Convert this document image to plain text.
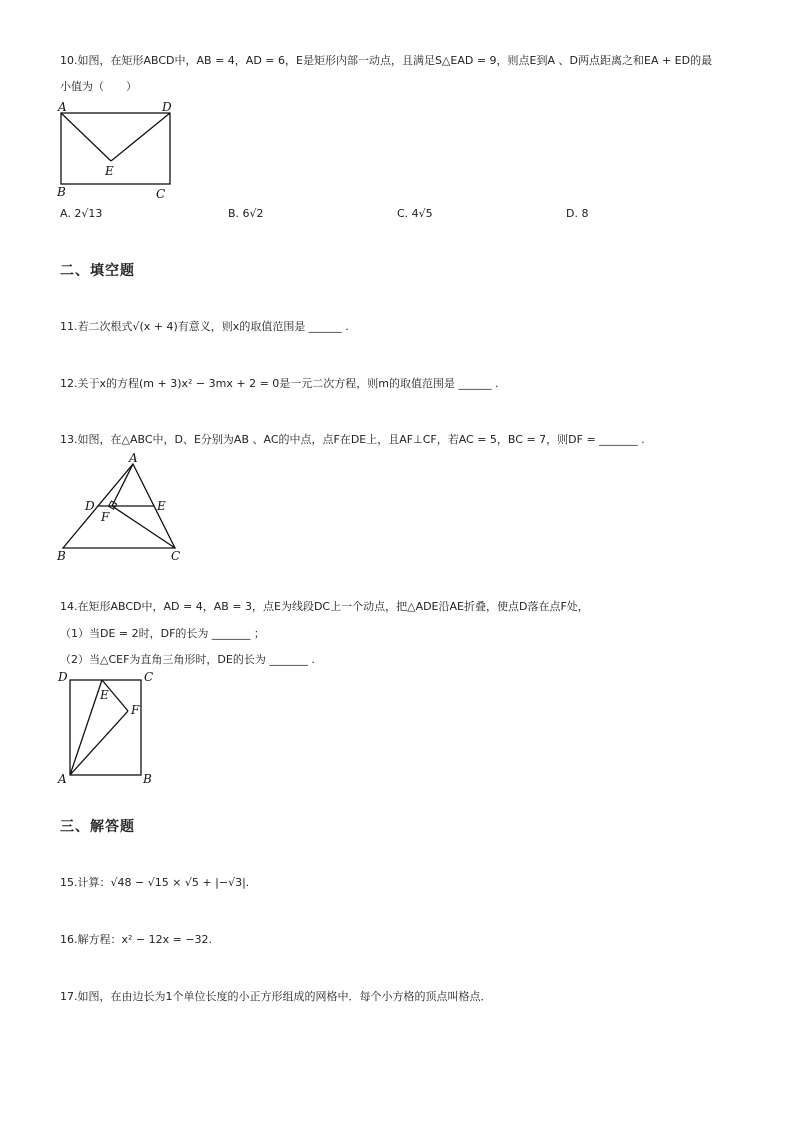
10.如图，在矩形ABCD中，AB = 4，AD = 6，E是矩形内部一动点，且满足S△EAD = 9，则点E到A 、D两点距离之和EA + ED的最
小值为（　　）
A	D
E
B	C
A. 2√13	B. 6√2	C. 4√5	D. 8
二、填空题
11.若二次根式√(x + 4)有意义，则x的取值范围是 ______ .
12.关于x的方程(m + 3)x² − 3mx + 2 = 0是一元二次方程，则m的取值范围是 ______ .
13.如图，在△ABC中，D、E分别为AB 、AC的中点，点F在DE上，且AF⊥CF，若AC = 5，BC = 7，则DF = _______ .
A
D	E
F
B	C
14.在矩形ABCD中，AD = 4，AB = 3，点E为线段DC上一个动点，把△ADE沿AE折叠，使点D落在点F处，
（1）当DE = 2时，DF的长为 _______ ；
（2）当△CEF为直角三角形时，DE的长为 _______ .
D	C
E
F
A	B
三、解答题
15.计算：√48 − √15 × √5 + |−√3|.
16.解方程：x² − 12x = −32.
17.如图，在由边长为1个单位长度的小正方形组成的网格中．每个小方格的顶点叫格点．
